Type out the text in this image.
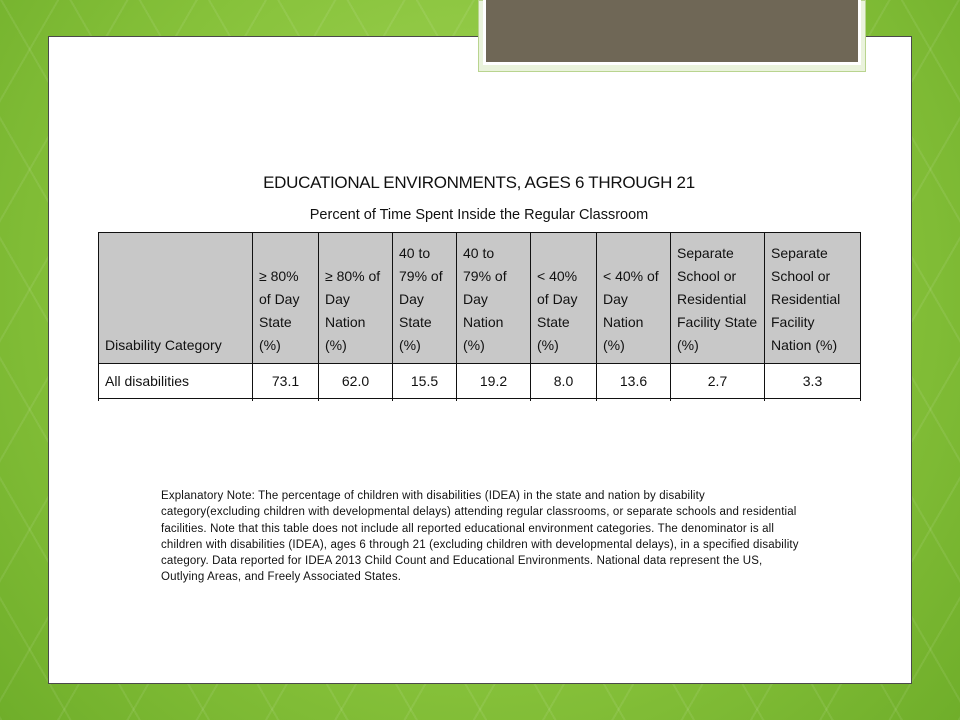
EDUCATIONAL ENVIRONMENTS, AGES 6 THROUGH 21
Percent of Time Spent Inside the Regular Classroom
Disability Category	≥ 80% of Day State (%)	≥ 80% of Day Nation (%)	40 to 79% of Day State (%)	40 to 79% of Day Nation (%)	< 40% of Day State (%)	< 40% of Day Nation (%)	Separate School or Residential Facility State (%)	Separate School or Residential Facility Nation (%)
All disabilities	73.1	62.0	15.5	19.2	8.0	13.6	2.7	3.3

Explanatory Note: The percentage of children with disabilities (IDEA) in the state and nation by disability category(excluding children with developmental delays) attending regular classrooms, or separate schools and residential facilities. Note that this table does not include all reported educational environment categories. The denominator is all children with disabilities (IDEA), ages 6 through 21 (excluding children with developmental delays), in a specified disability category. Data reported for IDEA 2013 Child Count and Educational Environments. National data represent the US, Outlying Areas, and Freely Associated States.
